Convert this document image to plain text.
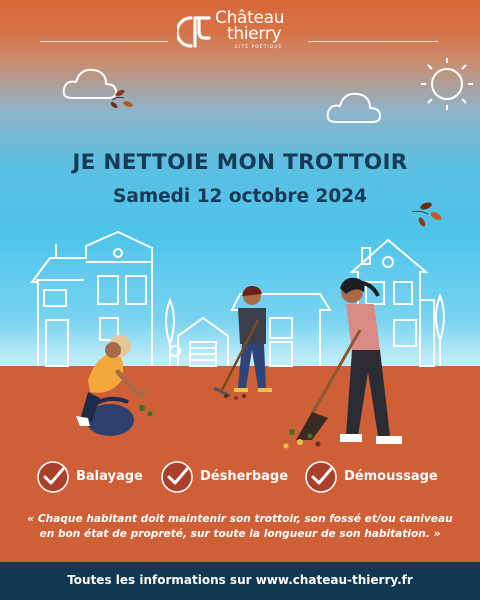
Château
thierry
CITÉ POÉTIQUE
JE NETTOIE MON TROTTOIR
Samedi 12 octobre 2024
Balayage	Désherbage	Démoussage
« Chaque habitant doit maintenir son trottoir, son fossé et/ou caniveau en bon état de propreté, sur toute la longueur de son habitation. »
Toutes les informations sur www.chateau-thierry.fr
